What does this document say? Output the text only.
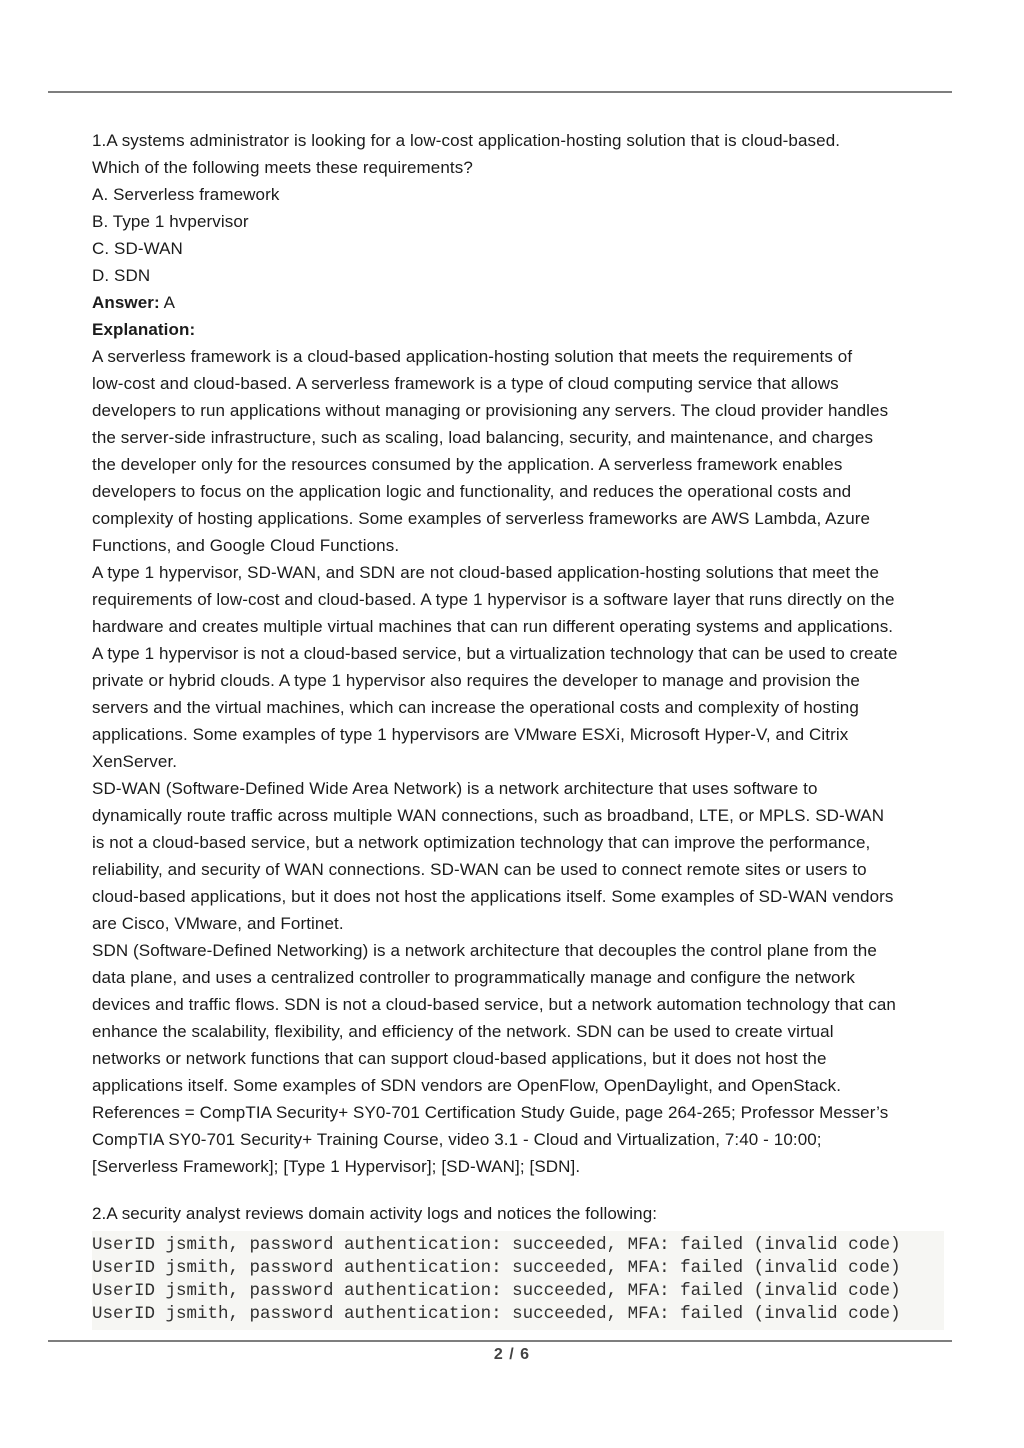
1.A systems administrator is looking for a low-cost application-hosting solution that is cloud-based.
Which of the following meets these requirements?
A. Serverless framework
B. Type 1 hvpervisor
C. SD-WAN
D. SDN
Answer: A
Explanation:
A serverless framework is a cloud-based application-hosting solution that meets the requirements of
low-cost and cloud-based. A serverless framework is a type of cloud computing service that allows
developers to run applications without managing or provisioning any servers. The cloud provider handles
the server-side infrastructure, such as scaling, load balancing, security, and maintenance, and charges
the developer only for the resources consumed by the application. A serverless framework enables
developers to focus on the application logic and functionality, and reduces the operational costs and
complexity of hosting applications. Some examples of serverless frameworks are AWS Lambda, Azure
Functions, and Google Cloud Functions.
A type 1 hypervisor, SD-WAN, and SDN are not cloud-based application-hosting solutions that meet the
requirements of low-cost and cloud-based. A type 1 hypervisor is a software layer that runs directly on the
hardware and creates multiple virtual machines that can run different operating systems and applications.
A type 1 hypervisor is not a cloud-based service, but a virtualization technology that can be used to create
private or hybrid clouds. A type 1 hypervisor also requires the developer to manage and provision the
servers and the virtual machines, which can increase the operational costs and complexity of hosting
applications. Some examples of type 1 hypervisors are VMware ESXi, Microsoft Hyper-V, and Citrix
XenServer.
SD-WAN (Software-Defined Wide Area Network) is a network architecture that uses software to
dynamically route traffic across multiple WAN connections, such as broadband, LTE, or MPLS. SD-WAN
is not a cloud-based service, but a network optimization technology that can improve the performance,
reliability, and security of WAN connections. SD-WAN can be used to connect remote sites or users to
cloud-based applications, but it does not host the applications itself. Some examples of SD-WAN vendors
are Cisco, VMware, and Fortinet.
SDN (Software-Defined Networking) is a network architecture that decouples the control plane from the
data plane, and uses a centralized controller to programmatically manage and configure the network
devices and traffic flows. SDN is not a cloud-based service, but a network automation technology that can
enhance the scalability, flexibility, and efficiency of the network. SDN can be used to create virtual
networks or network functions that can support cloud-based applications, but it does not host the
applications itself. Some examples of SDN vendors are OpenFlow, OpenDaylight, and OpenStack.
References = CompTIA Security+ SY0-701 Certification Study Guide, page 264-265; Professor Messer’s
CompTIA SY0-701 Security+ Training Course, video 3.1 - Cloud and Virtualization, 7:40 - 10:00;
[Serverless Framework]; [Type 1 Hypervisor]; [SD-WAN]; [SDN].
2.A security analyst reviews domain activity logs and notices the following:
UserID jsmith, password authentication: succeeded, MFA: failed (invalid code)
UserID jsmith, password authentication: succeeded, MFA: failed (invalid code)
UserID jsmith, password authentication: succeeded, MFA: failed (invalid code)
UserID jsmith, password authentication: succeeded, MFA: failed (invalid code)
2 / 6
